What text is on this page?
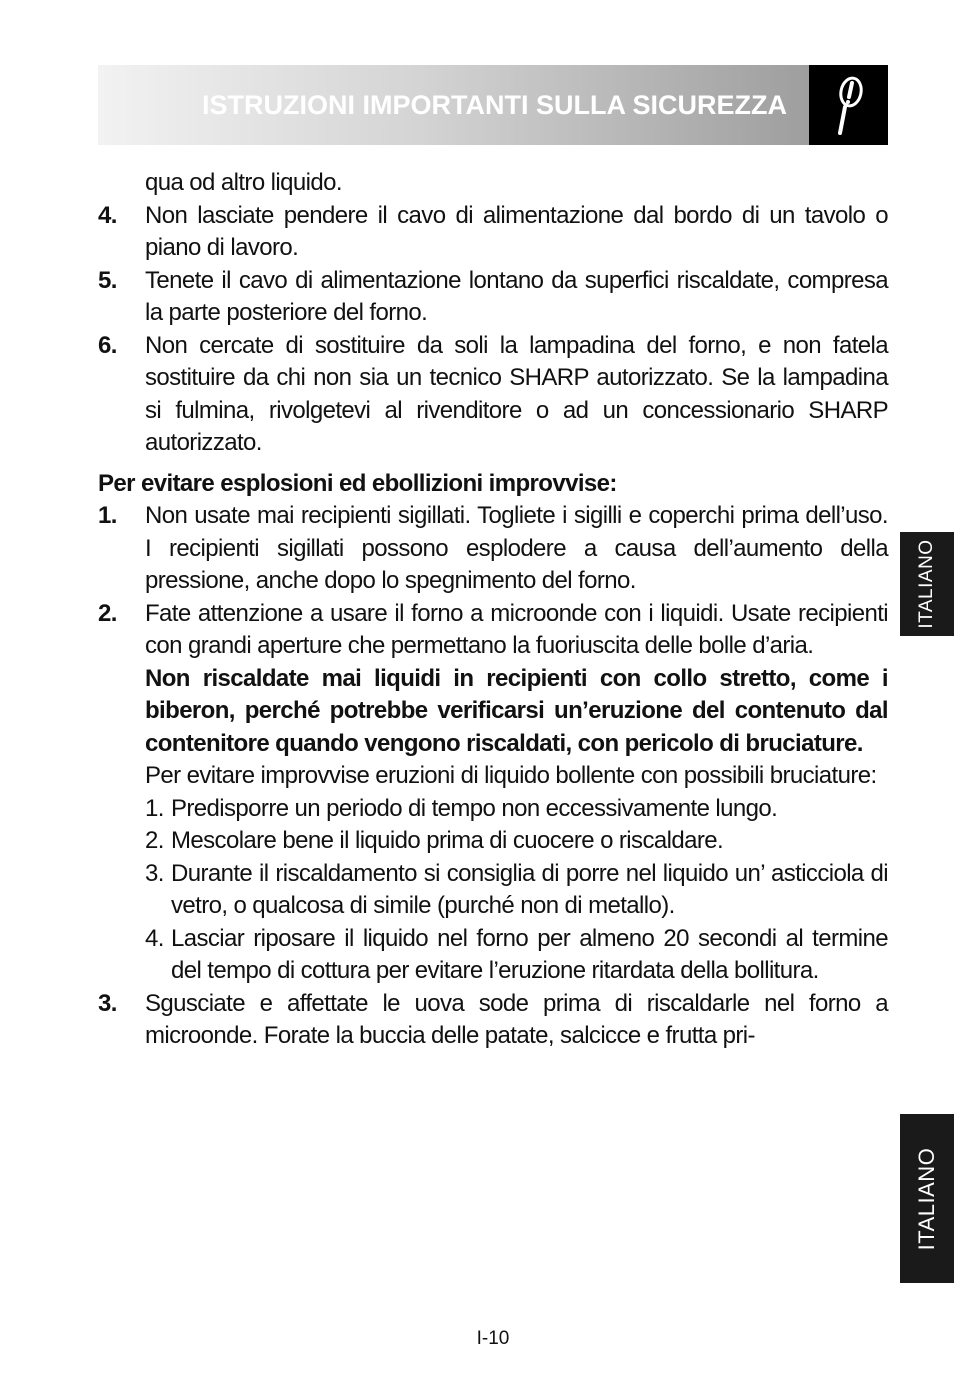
ISTRUZIONI IMPORTANTI SULLA SICUREZZA
qua od altro liquido.
4.	Non lasciate pendere il cavo di alimentazione dal bordo di un tavolo o piano di lavoro.
5.	Tenete il cavo di alimentazione lontano da superfici riscaldate, compresa la parte posteriore del forno.
6.	Non cercate di sostituire da soli la lampadina del forno, e non fatela sostituire da chi non sia un tecnico SHARP autorizzato. Se la lampadina si fulmina, rivolgetevi al rivenditore o ad un concessionario SHARP autorizzato.
Per evitare esplosioni ed ebollizioni improvvise:
1.	Non usate mai recipienti sigillati. Togliete i sigilli e coperchi prima dell’uso. I recipienti sigillati possono esplodere a causa dell’aumento della pressione, anche dopo lo spegnimento del forno.
2.	Fate attenzione a usare il forno a microonde con i liquidi. Usate recipienti con grandi aperture che permettano la fuoriuscita delle bolle d’aria.
Non riscaldate mai liquidi in recipienti con collo stretto, come i biberon, perché potrebbe verificarsi un’eruzione del contenuto dal contenitore quando vengono riscaldati, con pericolo di bruciature.
Per evitare improvvise eruzioni di liquido bollente con possibili bruciature:
1. Predisporre un periodo di tempo non eccessivamente lungo.
2. Mescolare bene il liquido prima di cuocere o riscaldare.
3. Durante il riscaldamento si consiglia di porre nel liquido un’ asticciola di vetro, o qualcosa di simile (purché non di metallo).
4. Lasciar riposare il liquido nel forno per almeno 20 secondi al termine del tempo di cottura per evitare l’eruzione ritardata della bollitura.
3.	Sgusciate e affettate le uova sode prima di riscaldarle nel forno a microonde. Forate la buccia delle patate, salcicce e frutta pri-
ITALIANO
ITALIANO
I-10
